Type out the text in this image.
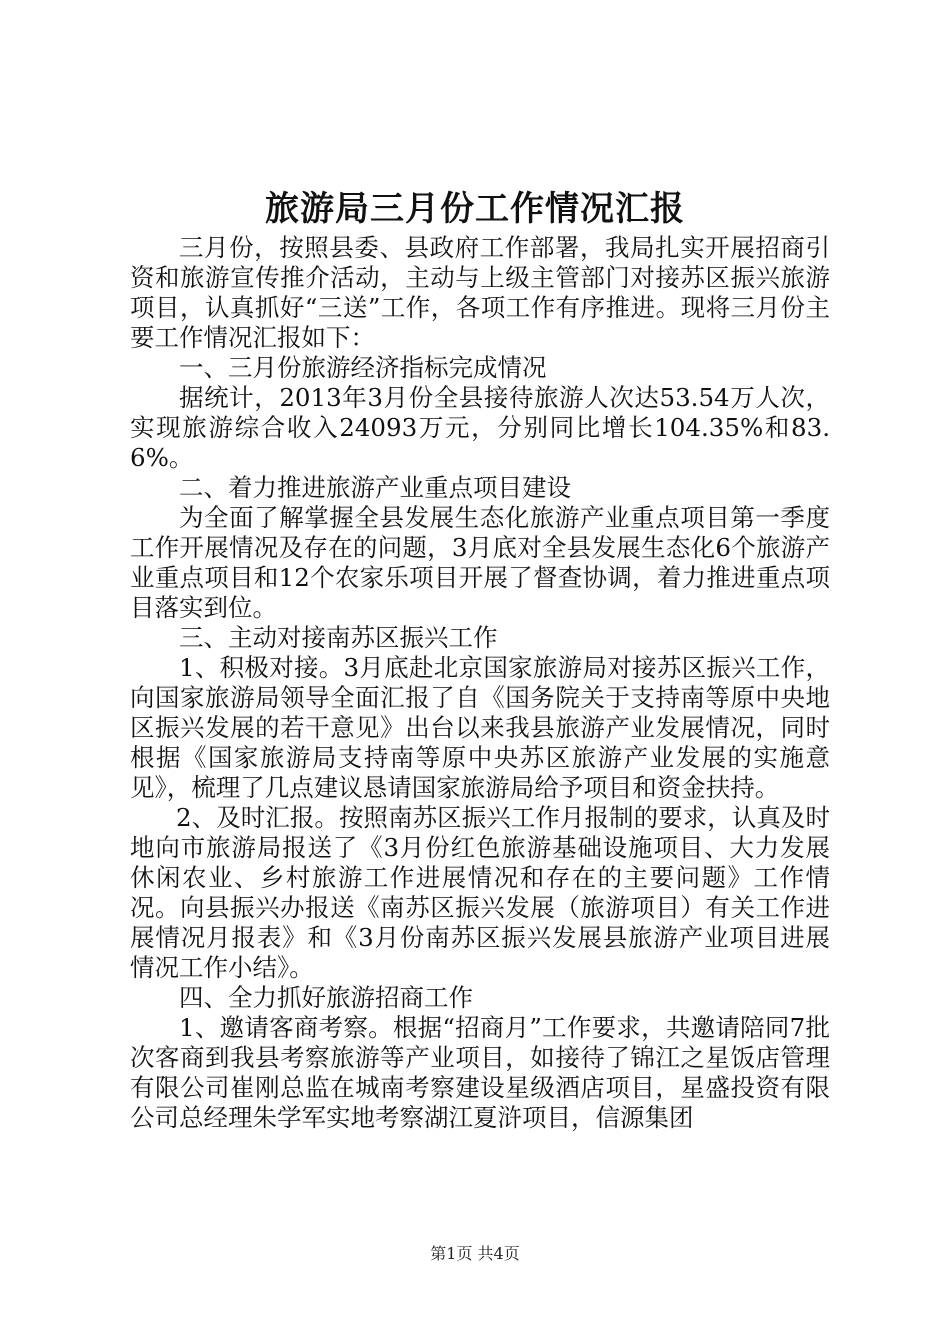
旅游局三月份工作情况汇报

三月份，按照县委、县政府工作部署，我局扎实开展招商引资和旅游宣传推介活动，主动与上级主管部门对接苏区振兴旅游项目，认真抓好“三送”工作，各项工作有序推进。现将三月份主要工作情况汇报如下：

一、三月份旅游经济指标完成情况

据统计，2013年3月份全县接待旅游人次达53.54万人次，实现旅游综合收入24093万元，分别同比增长104.35%和83.6%。

二、着力推进旅游产业重点项目建设

为全面了解掌握全县发展生态化旅游产业重点项目第一季度工作开展情况及存在的问题，3月底对全县发展生态化6个旅游产业重点项目和12个农家乐项目开展了督查协调，着力推进重点项目落实到位。

三、主动对接南苏区振兴工作

1、积极对接。3月底赴北京国家旅游局对接苏区振兴工作，向国家旅游局领导全面汇报了自《国务院关于支持南等原中央地区振兴发展的若干意见》出台以来我县旅游产业发展情况，同时根据《国家旅游局支持南等原中央苏区旅游产业发展的实施意见》，梳理了几点建议恳请国家旅游局给予项目和资金扶持。

2、及时汇报。按照南苏区振兴工作月报制的要求，认真及时地向市旅游局报送了《3月份红色旅游基础设施项目、大力发展休闲农业、乡村旅游工作进展情况和存在的主要问题》工作情况。向县振兴办报送《南苏区振兴发展（旅游项目）有关工作进展情况月报表》和《3月份南苏区振兴发展县旅游产业项目进展情况工作小结》。

四、全力抓好旅游招商工作

1、邀请客商考察。根据“招商月”工作要求，共邀请陪同7批次客商到我县考察旅游等产业项目，如接待了锦江之星饭店管理有限公司崔刚总监在城南考察建设星级酒店项目，星盛投资有限公司总经理朱学军实地考察湖江夏浒项目，信源集团

第1页 共4页
